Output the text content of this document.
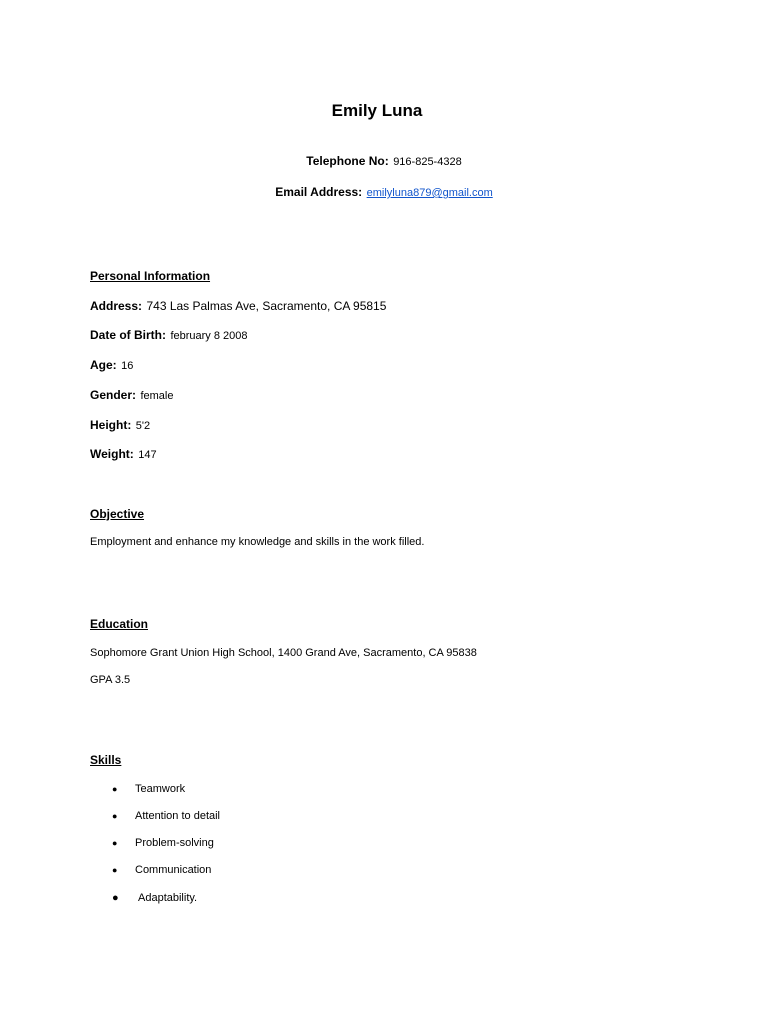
Emily Luna
Telephone No: 916-825-4328
Email Address: emilyluna879@gmail.com
Personal Information
Address: 743 Las Palmas Ave, Sacramento, CA 95815
Date of Birth: february 8 2008
Age: 16
Gender: female
Height: 5'2
Weight: 147
Objective
Employment and enhance my knowledge and skills in the work filled.
Education
Sophomore Grant Union High School, 1400 Grand Ave, Sacramento, CA 95838
GPA 3.5
Skills
● Teamwork
● Attention to detail
● Problem-solving
● Communication
● Adaptability.
